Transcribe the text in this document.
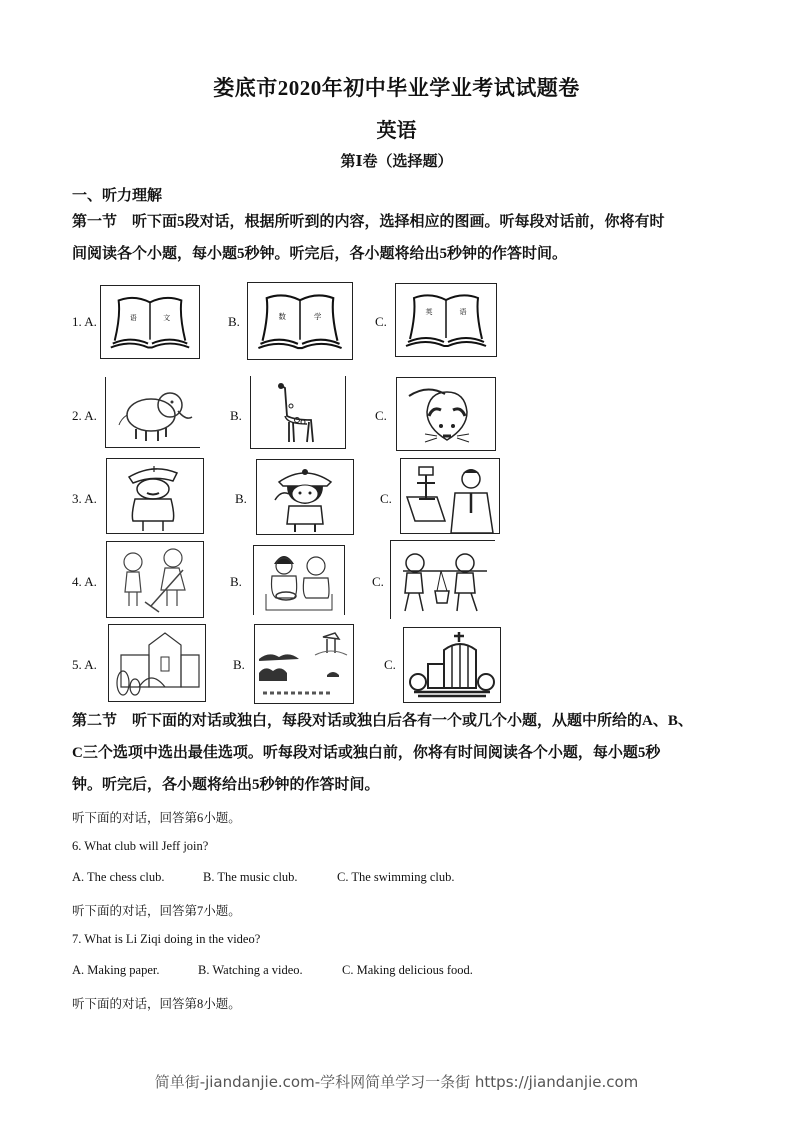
娄底市2020年初中毕业学业考试试题卷
英语
第Ⅰ卷（选择题）
一、听力理解
第一节　听下面5段对话，根据所听到的内容，选择相应的图画。听每段对话前，你将有时
间阅读各个小题，每小题5秒钟。听完后，各小题将给出5秒钟的作答时间。
1. A.	语	文	B.	数	学	C.
英	语
2. A.	B.	C.
3. A.	B.	C.
4. A.	B.	C.
5. A.	B.	C.
第二节　听下面的对话或独白，每段对话或独白后各有一个或几个小题，从题中所给的A、B、
C三个选项中选出最佳选项。听每段对话或独白前，你将有时间阅读各个小题，每小题5秒
钟。听完后，各小题将给出5秒钟的作答时间。
听下面的对话，回答第6小题。
6. What club will Jeff join?
A. The chess club.	B. The music club.	C. The swimming club.
听下面的对话，回答第7小题。
7. What is Li Ziqi doing in the video?
A. Making paper.	B. Watching a video.	C. Making delicious food.
听下面的对话，回答第8小题。
简单街-jiandanjie.com-学科网简单学习一条街 https://jiandanjie.com
